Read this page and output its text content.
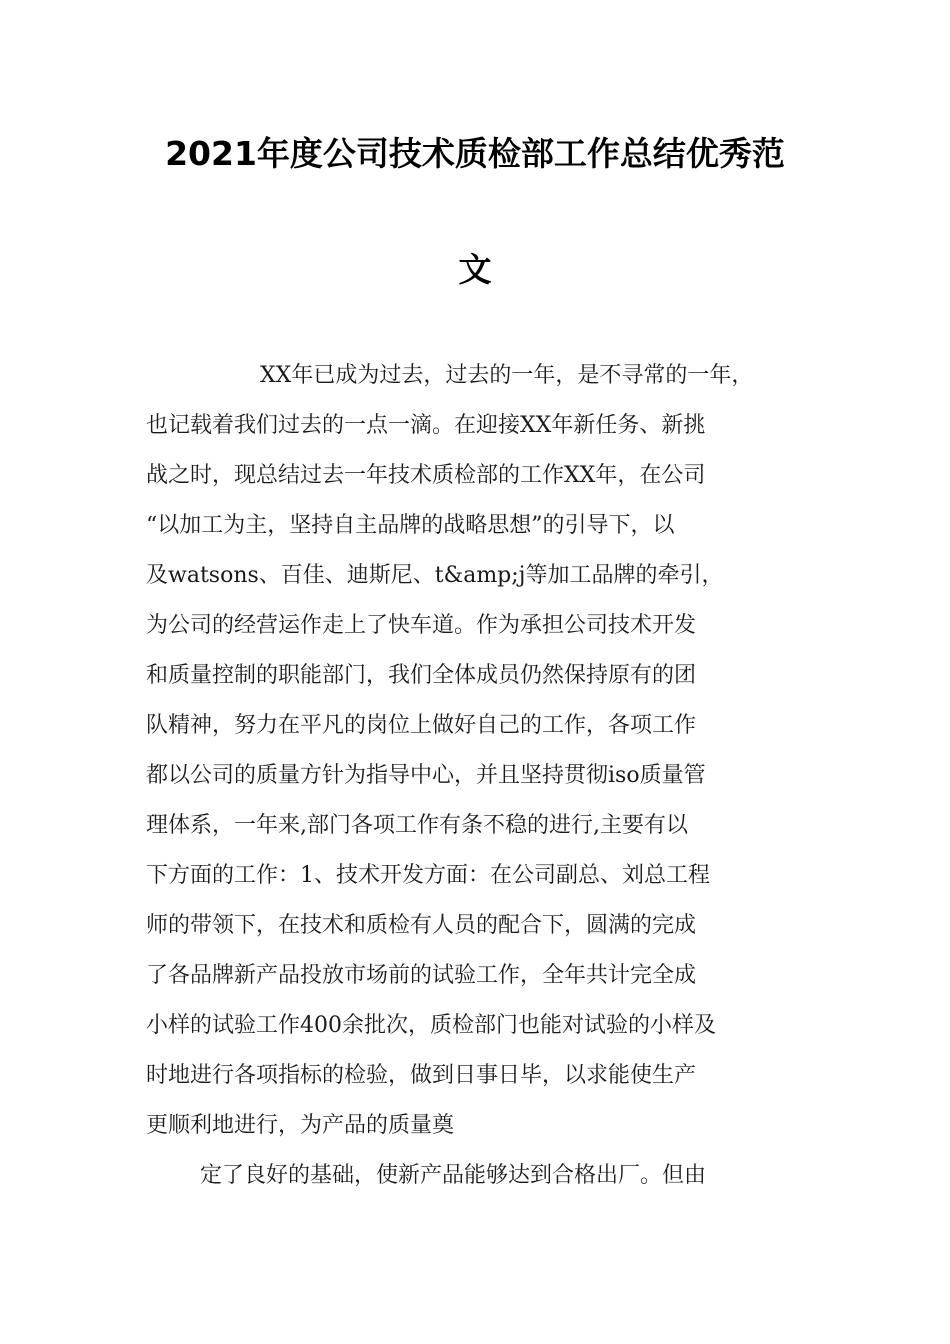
2021年度公司技术质检部工作总结优秀范
文
XX年已成为过去，过去的一年，是不寻常的一年，
也记载着我们过去的一点一滴。在迎接XX年新任务、新挑
战之时，现总结过去一年技术质检部的工作XX年，在公司
“以加工为主，坚持自主品牌的战略思想”的引导下，以
及watsons、百佳、迪斯尼、t&amp;j等加工品牌的牵引，
为公司的经营运作走上了快车道。作为承担公司技术开发
和质量控制的职能部门，我们全体成员仍然保持原有的团
队精神，努力在平凡的岗位上做好自己的工作，各项工作
都以公司的质量方针为指导中心，并且坚持贯彻iso质量管
理体系，一年来,部门各项工作有条不稳的进行,主要有以
下方面的工作：1、技术开发方面：在公司副总、刘总工程
师的带领下，在技术和质检有人员的配合下，圆满的完成
了各品牌新产品投放市场前的试验工作，全年共计完全成
小样的试验工作400余批次，质检部门也能对试验的小样及
时地进行各项指标的检验，做到日事日毕，以求能使生产
更顺利地进行，为产品的质量奠
定了良好的基础，使新产品能够达到合格出厂。但由
